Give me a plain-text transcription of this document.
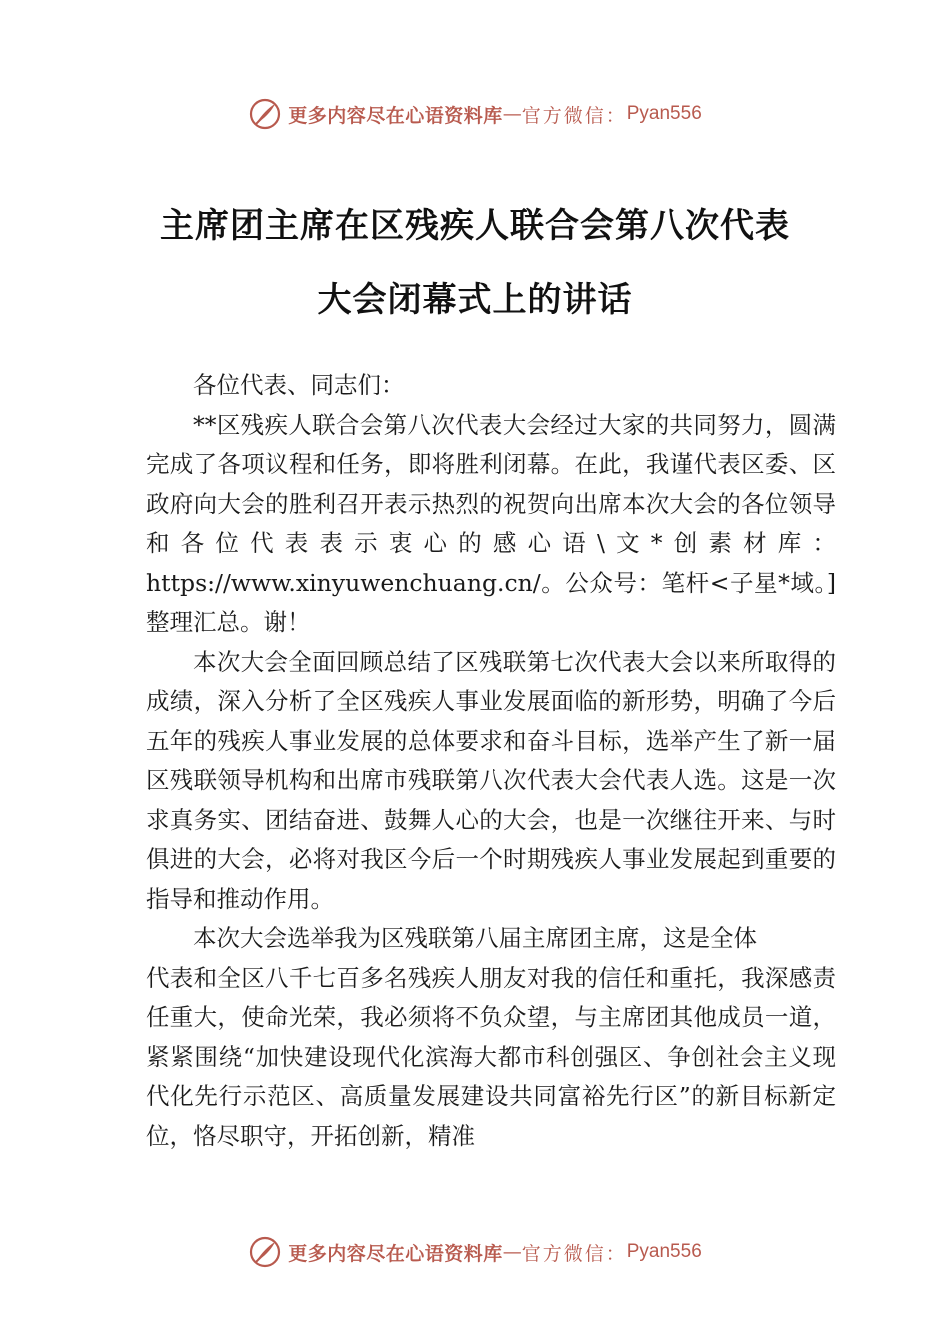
更多内容尽在心语资料库 — 官方微信： Pyan556
主席团主席在区残疾人联合会第八次代表
大会闭幕式上的讲话

各位代表、同志们：

**区残疾人联合会第八次代表大会经过大家的共同努力，圆满完成了各项议程和任务，即将胜利闭幕。在此，我谨代表区委、区政府向大会的胜利召开表示热烈的祝贺向出席本次大会的各位领导和各位代表表示衷心的感心语\文*创素材库：https://www.xinyuwenchuang.cn/。公众号：笔杆<子星*域。]整理汇总。谢！

本次大会全面回顾总结了区残联第七次代表大会以来所取得的成绩，深入分析了全区残疾人事业发展面临的新形势，明确了今后五年的残疾人事业发展的总体要求和奋斗目标，选举产生了新一届区残联领导机构和出席市残联第八次代表大会代表人选。这是一次求真务实、团结奋进、鼓舞人心的大会，也是一次继往开来、与时俱进的大会，必将对我区今后一个时期残疾人事业发展起到重要的指导和推动作用。

本次大会选举我为区残联第八届主席团主席，这是全体

代表和全区八千七百多名残疾人朋友对我的信任和重托，我深感责任重大，使命光荣，我必须将不负众望，与主席团其他成员一道，紧紧围绕“加快建设现代化滨海大都市科创强区、争创社会主义现代化先行示范区、高质量发展建设共同富裕先行区”的新目标新定位，恪尽职守，开拓创新，精准

更多内容尽在心语资料库 — 官方微信： Pyan556
